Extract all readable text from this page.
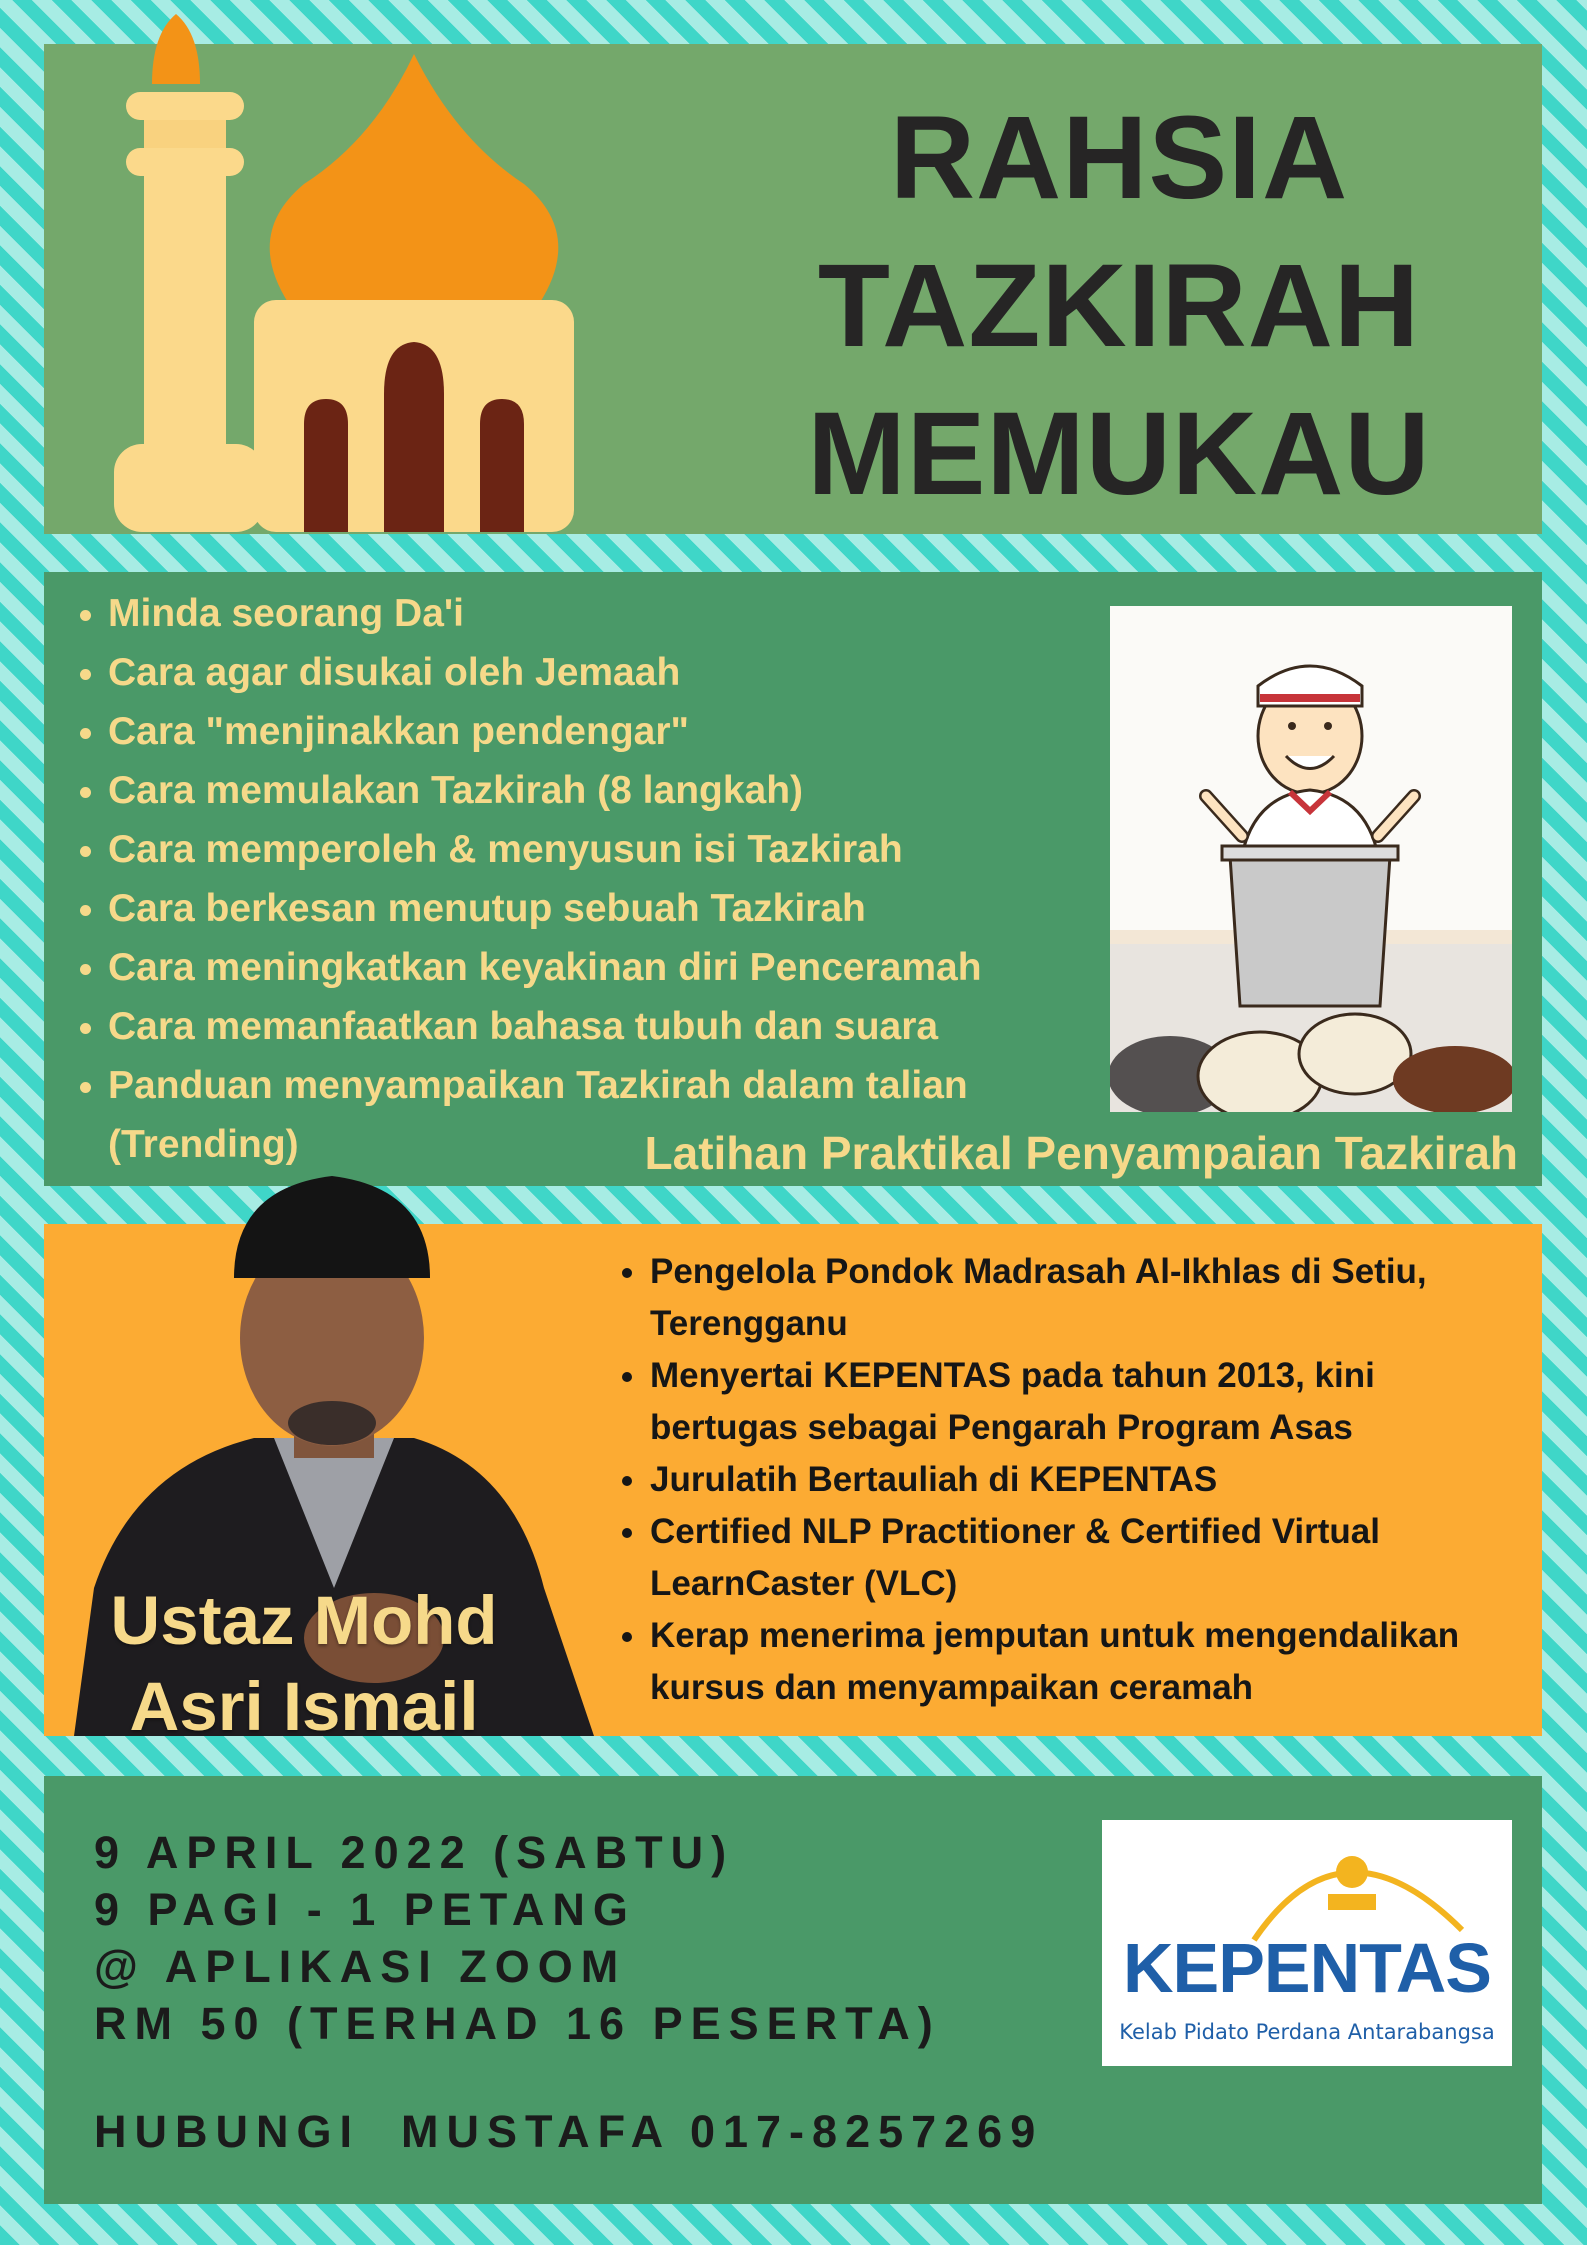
RAHSIA
TAZKIRAH
MEMUKAU
Minda seorang Da'i
Cara agar disukai oleh Jemaah
Cara "menjinakkan pendengar"
Cara memulakan Tazkirah (8 langkah)
Cara memperoleh & menyusun isi Tazkirah
Cara berkesan menutup sebuah Tazkirah
Cara meningkatkan keyakinan diri Penceramah
Cara memanfaatkan bahasa tubuh dan suara
Panduan menyampaikan Tazkirah dalam talian
(Trending)	Latihan Praktikal Penyampaian Tazkirah
Ustaz Mohd
Asri Ismail
Pengelola Pondok Madrasah Al-Ikhlas di Setiu,
Terengganu
Menyertai KEPENTAS pada tahun 2013, kini
bertugas sebagai Pengarah Program Asas
Jurulatih Bertauliah di KEPENTAS
Certified NLP Practitioner & Certified Virtual
LearnCaster (VLC)
Kerap menerima jemputan untuk mengendalikan
kursus dan menyampaikan ceramah
9 APRIL 2022 (SABTU)
9 PAGI - 1 PETANG
@ APLIKASI ZOOM
RM 50 (TERHAD 16 PESERTA)
HUBUNGI  MUSTAFA 017-8257269
KEPENTAS
Kelab Pidato Perdana Antarabangsa
